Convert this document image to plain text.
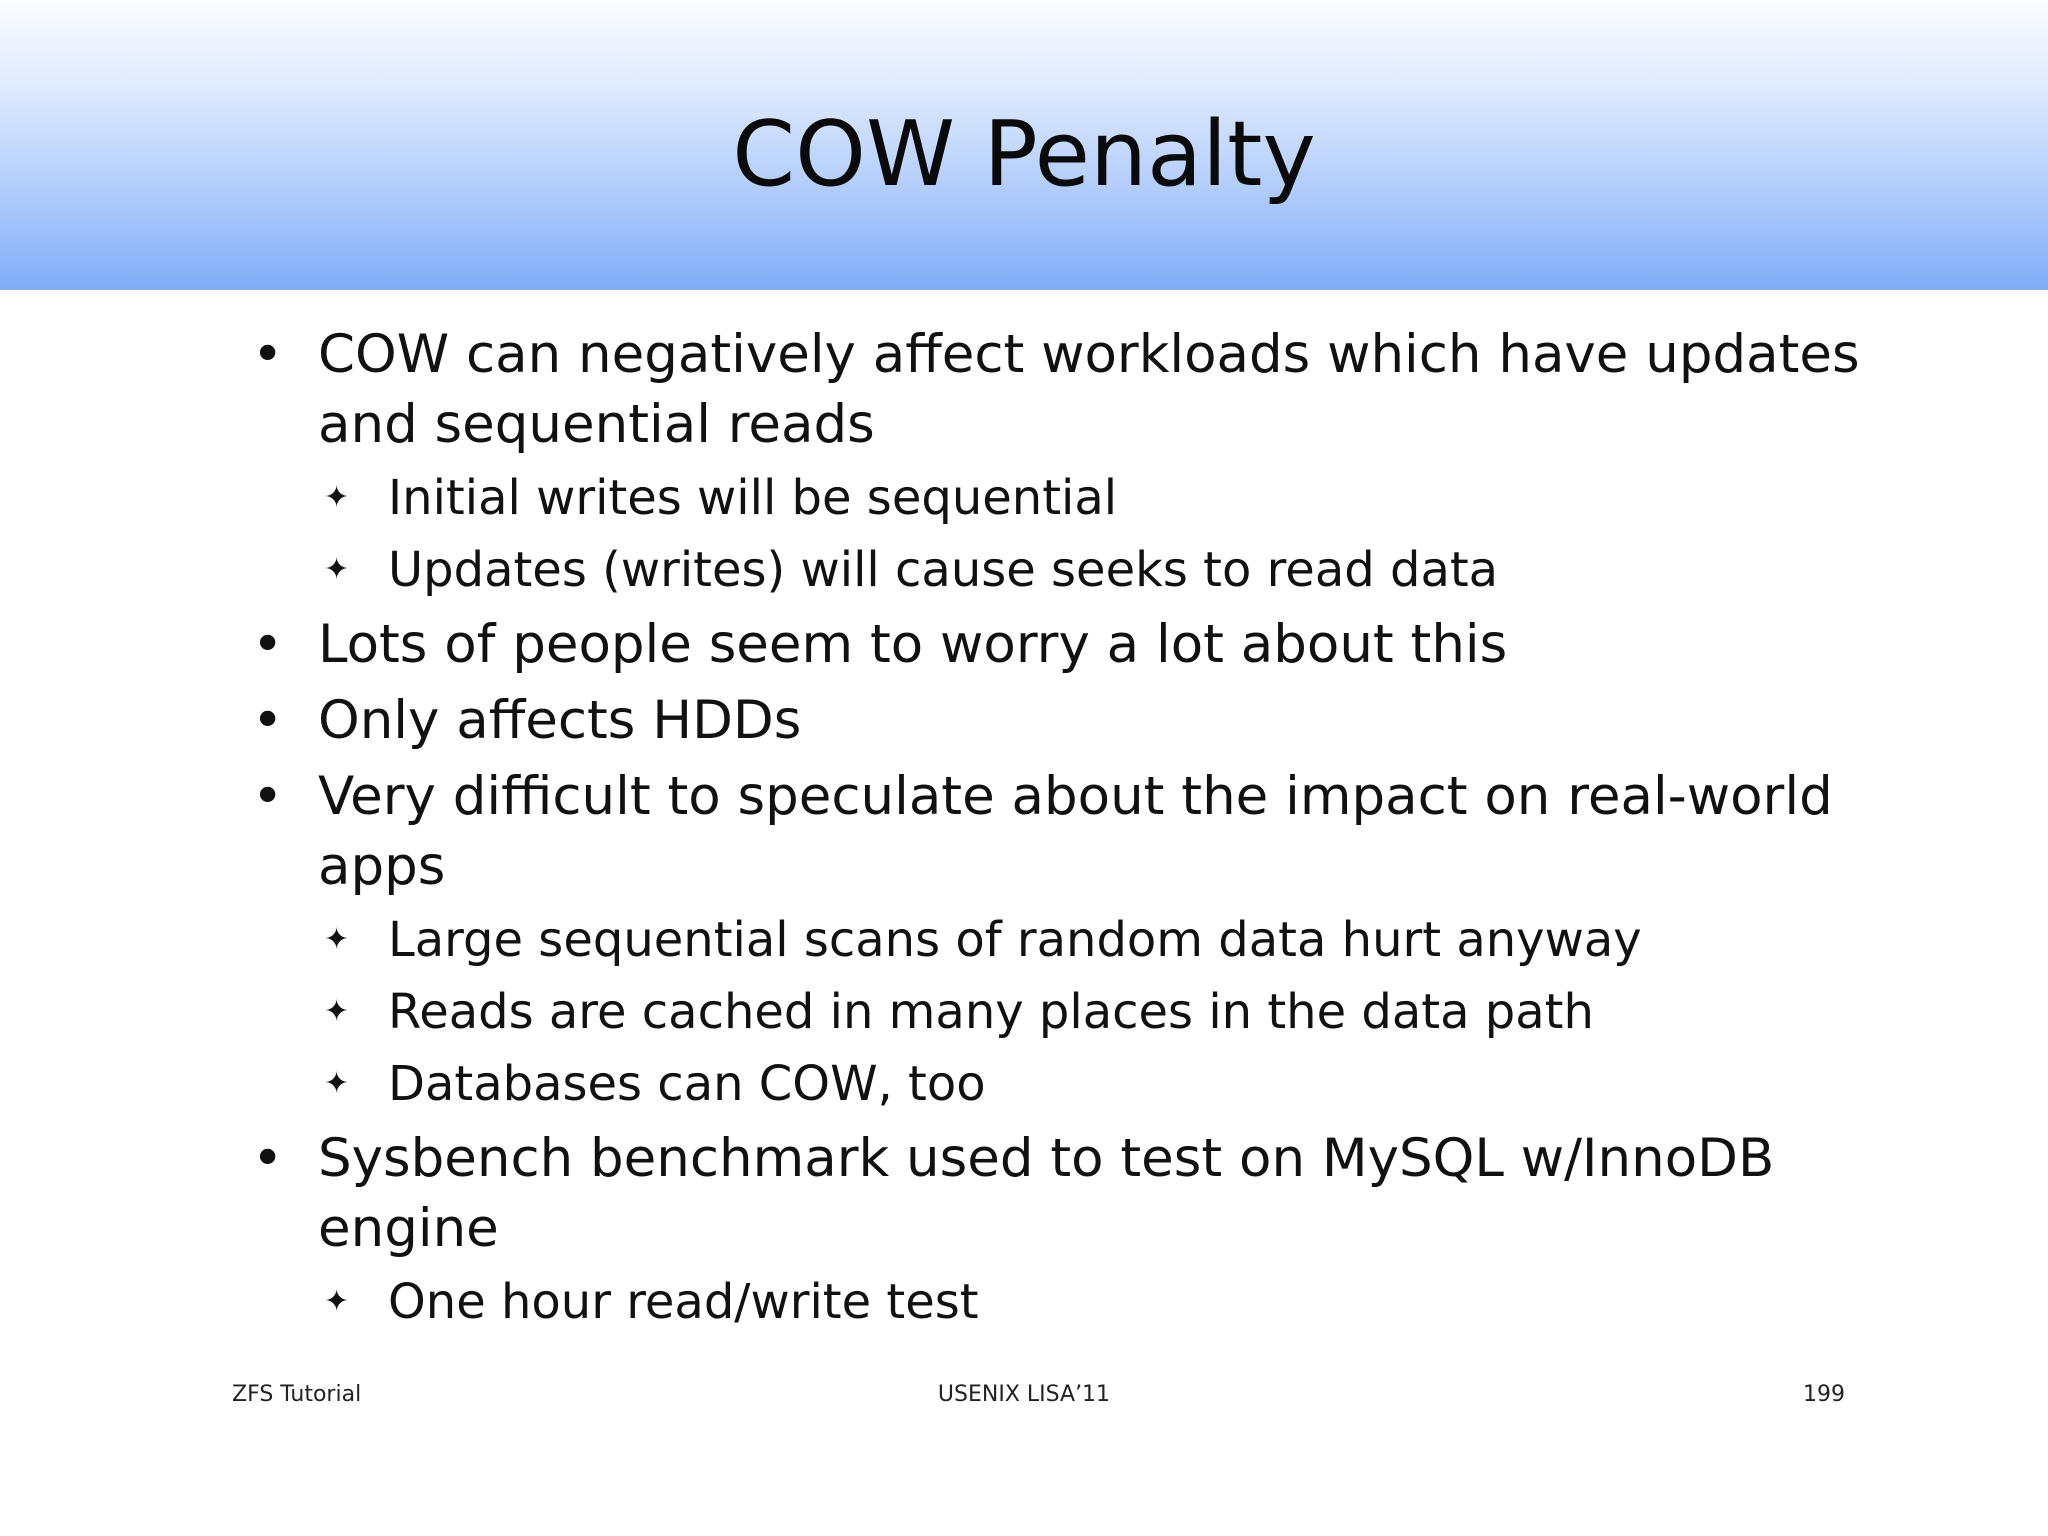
COW Penalty
• COW can negatively affect workloads which have updates and sequential reads
✦ Initial writes will be sequential
✦ Updates (writes) will cause seeks to read data
• Lots of people seem to worry a lot about this
• Only affects HDDs
• Very difficult to speculate about the impact on real-world apps
✦ Large sequential scans of random data hurt anyway
✦ Reads are cached in many places in the data path
✦ Databases can COW, too
• Sysbench benchmark used to test on MySQL w/InnoDB engine
✦ One hour read/write test
ZFS Tutorial	USENIX LISA’11	199
